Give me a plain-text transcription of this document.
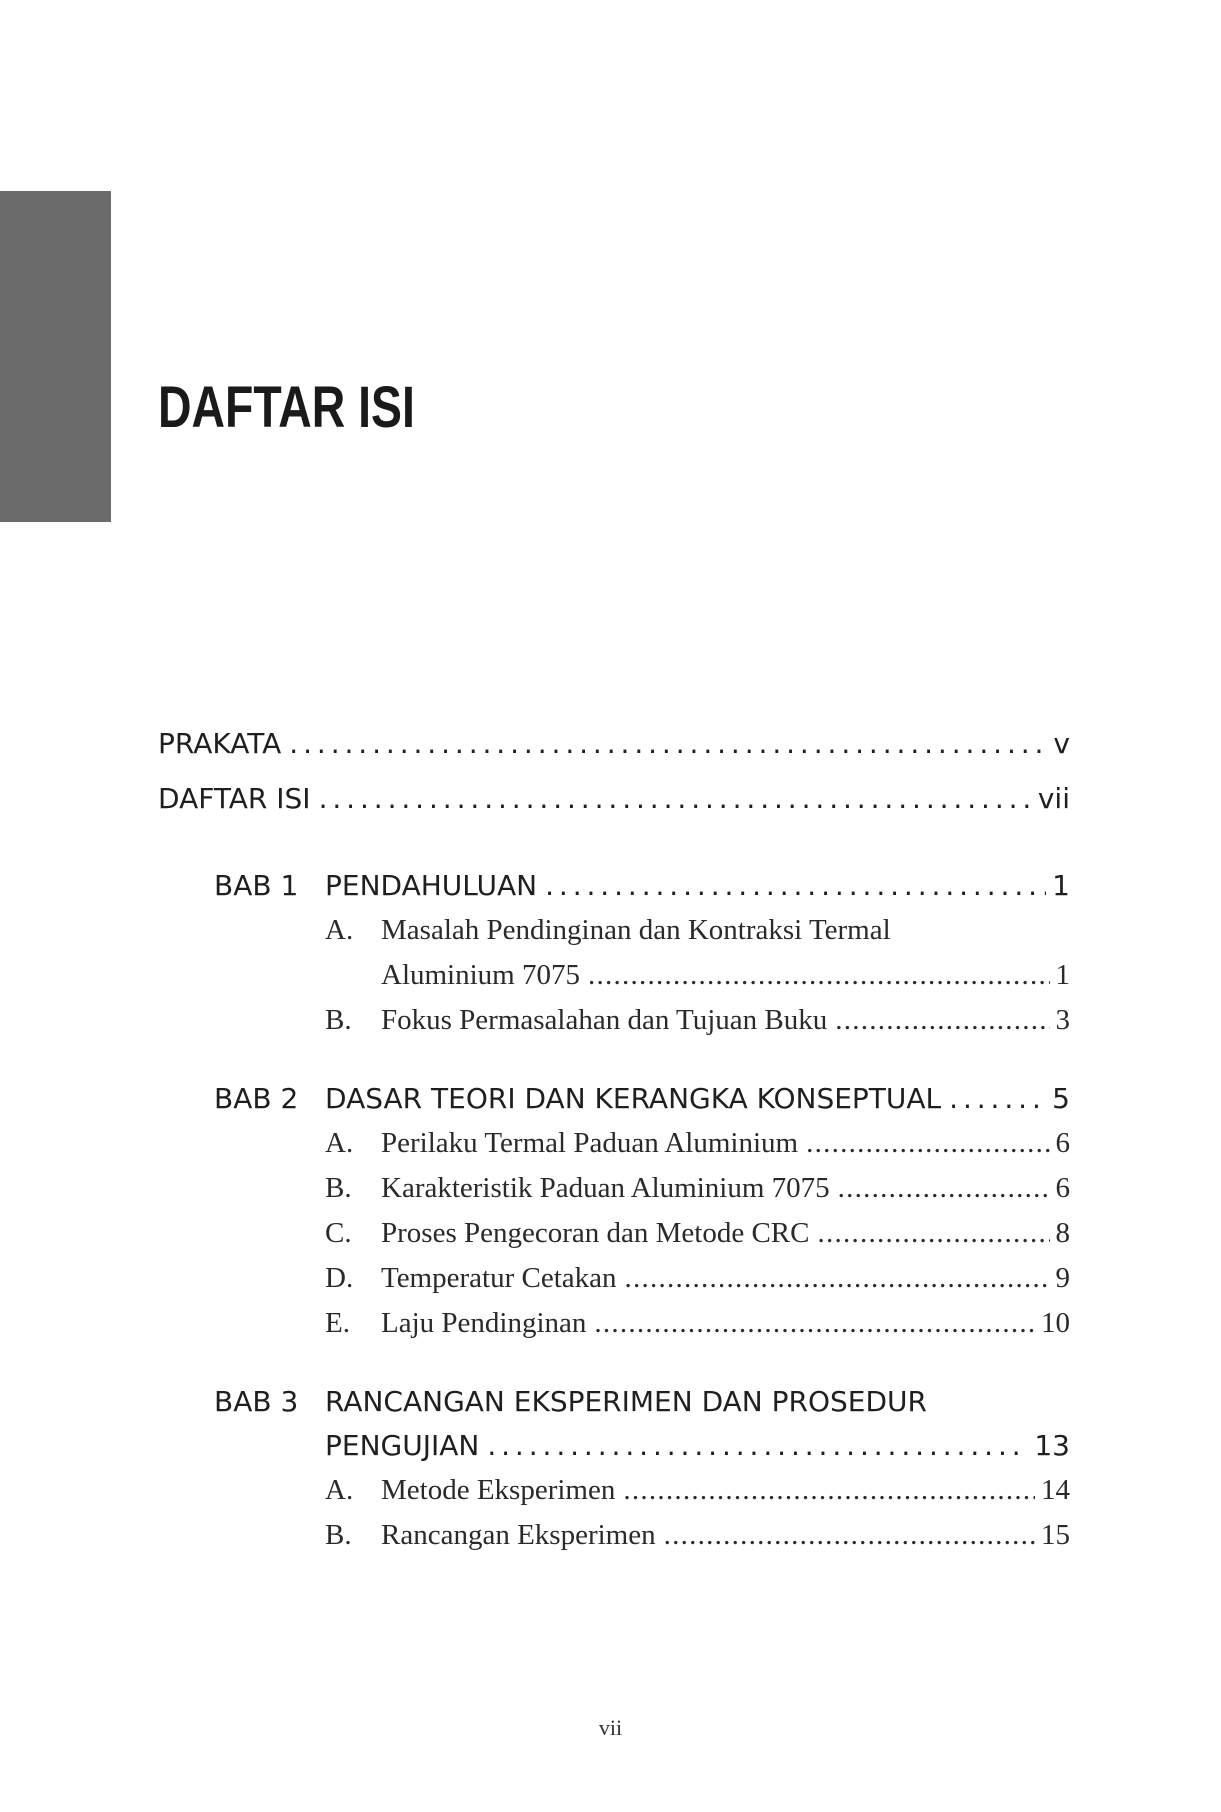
DAFTAR ISI
PRAKATA . . .	v
DAFTAR ISI . . .	vii
BAB 1 PENDAHULUAN . . .	1
A. Masalah Pendinginan dan Kontraksi Termal
Aluminium 7075 . . .	1
B.	Fokus Permasalahan dan Tujuan Buku . . .	3
BAB 2 DASAR TEORI DAN KERANGKA KONSEPTUAL . . .	5
A. Perilaku Termal Paduan Aluminium . . .	6
B.	Karakteristik Paduan Aluminium 7075 . . .	6
C.	Proses Pengecoran dan Metode CRC . . .	8
D. Temperatur Cetakan . . .	9
E.	Laju Pendinginan . . .	10
BAB 3 RANCANGAN EKSPERIMEN DAN PROSEDUR
PENGUJIAN . . .	13
A. Metode Eksperimen . . .	14
B.	Rancangan Eksperimen . . .	15
vii
